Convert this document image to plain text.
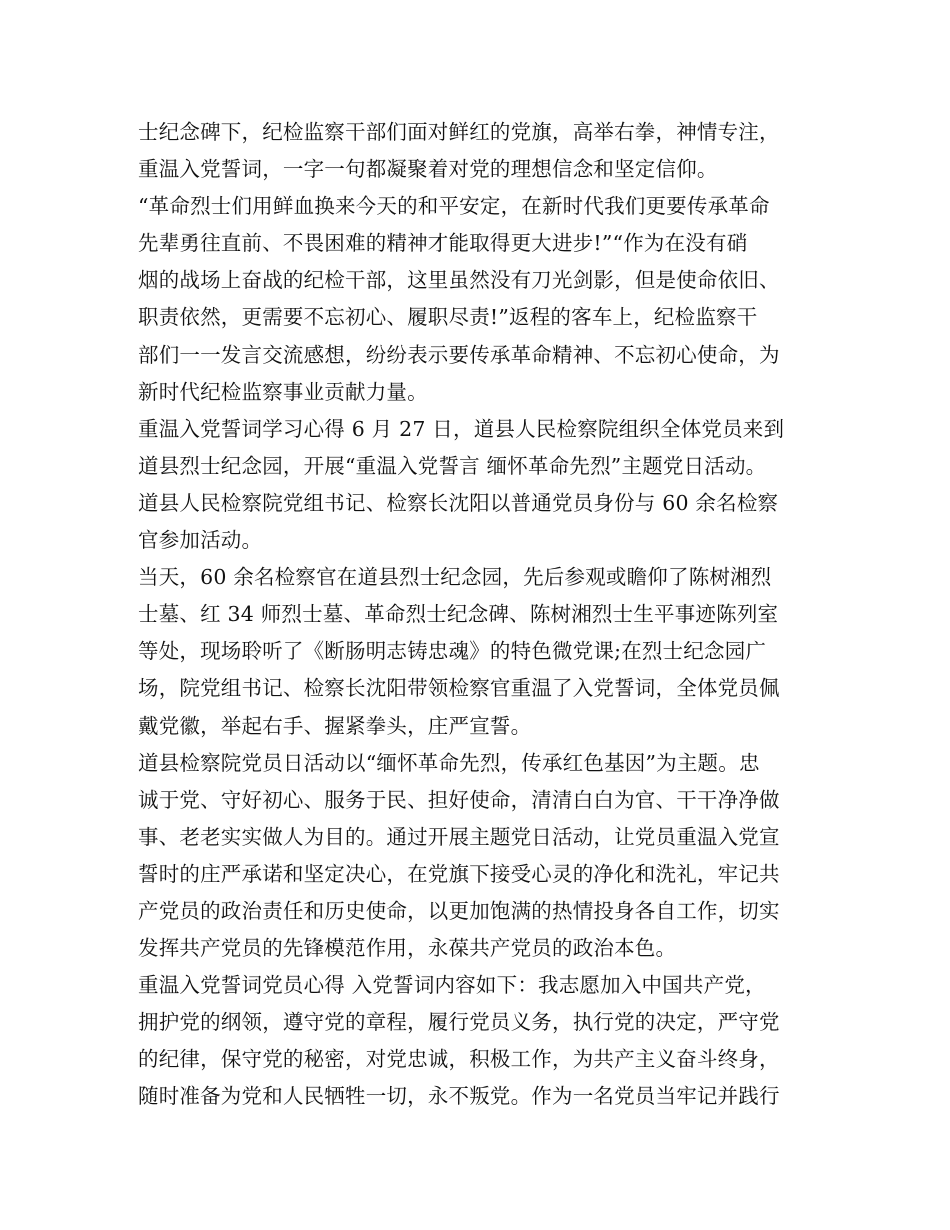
士纪念碑下，纪检监察干部们面对鲜红的党旗，高举右拳，神情专注，
重温入党誓词，一字一句都凝聚着对党的理想信念和坚定信仰。
“革命烈士们用鲜血换来今天的和平安定，在新时代我们更要传承革命
先辈勇往直前、不畏困难的精神才能取得更大进步!”“作为在没有硝
烟的战场上奋战的纪检干部，这里虽然没有刀光剑影，但是使命依旧、
职责依然，更需要不忘初心、履职尽责!”返程的客车上，纪检监察干
部们一一发言交流感想，纷纷表示要传承革命精神、不忘初心使命，为
新时代纪检监察事业贡献力量。
重温入党誓词学习心得 6 月 27 日，道县人民检察院组织全体党员来到
道县烈士纪念园，开展“重温入党誓言 缅怀革命先烈”主题党日活动。
道县人民检察院党组书记、检察长沈阳以普通党员身份与 60 余名检察
官参加活动。
当天，60 余名检察官在道县烈士纪念园，先后参观或瞻仰了陈树湘烈
士墓、红 34 师烈士墓、革命烈士纪念碑、陈树湘烈士生平事迹陈列室
等处，现场聆听了《断肠明志铸忠魂》的特色微党课;在烈士纪念园广
场，院党组书记、检察长沈阳带领检察官重温了入党誓词，全体党员佩
戴党徽，举起右手、握紧拳头，庄严宣誓。
道县检察院党员日活动以“缅怀革命先烈，传承红色基因”为主题。忠
诚于党、守好初心、服务于民、担好使命，清清白白为官、干干净净做
事、老老实实做人为目的。通过开展主题党日活动，让党员重温入党宣
誓时的庄严承诺和坚定决心，在党旗下接受心灵的净化和洗礼，牢记共
产党员的政治责任和历史使命，以更加饱满的热情投身各自工作，切实
发挥共产党员的先锋模范作用，永葆共产党员的政治本色。
重温入党誓词党员心得 入党誓词内容如下：我志愿加入中国共产党，
拥护党的纲领，遵守党的章程，履行党员义务，执行党的决定，严守党
的纪律，保守党的秘密，对党忠诚，积极工作，为共产主义奋斗终身，
随时准备为党和人民牺牲一切，永不叛党。作为一名党员当牢记并践行
